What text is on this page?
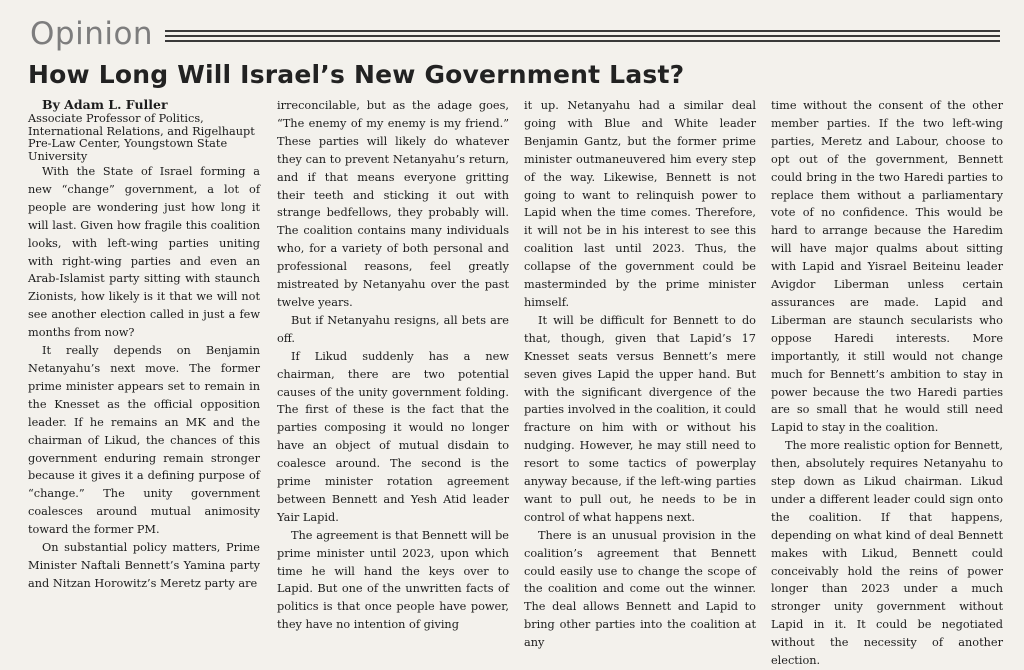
Opinion
How Long Will Israel’s New Government Last?

By Adam L. Fuller

Associate Professor of Politics, International Relations, and Rigelhaupt Pre-Law Center, Youngstown State University

With the State of Israel forming a new “change” government, a lot of people are wondering just how long it will last. Given how fragile this coalition looks, with left-wing parties uniting with right-wing parties and even an Arab-Islamist party sitting with staunch Zionists, how likely is it that we will not see another election called in just a few months from now?

It really depends on Benjamin Netanyahu’s next move. The former prime minister appears set to remain in the Knesset as the official opposition leader. If he remains an MK and the chairman of Likud, the chances of this government enduring remain stronger because it gives it a defining purpose of “change.” The unity government coalesces around mutual animosity toward the former PM.

On substantial policy matters, Prime Minister Naftali Bennett’s Yamina party and Nitzan Horowitz’s Meretz party are

irreconcilable, but as the adage goes, “The enemy of my enemy is my friend.” These parties will likely do whatever they can to prevent Netanyahu’s return, and if that means everyone gritting their teeth and sticking it out with strange bedfellows, they probably will. The coalition contains many individuals who, for a variety of both personal and professional reasons, feel greatly mistreated by Netanyahu over the past twelve years.

But if Netanyahu resigns, all bets are off.

If Likud suddenly has a new chairman, there are two potential causes of the unity government folding. The first of these is the fact that the parties composing it would no longer have an object of mutual disdain to coalesce around. The second is the prime minister rotation agreement between Bennett and Yesh Atid leader Yair Lapid.

The agreement is that Bennett will be prime minister until 2023, upon which time he will hand the keys over to Lapid. But one of the unwritten facts of politics is that once people have power, they have no intention of giving

it up. Netanyahu had a similar deal going with Blue and White leader Benjamin Gantz, but the former prime minister outmaneuvered him every step of the way. Likewise, Bennett is not going to want to relinquish power to Lapid when the time comes. Therefore, it will not be in his interest to see this coalition last until 2023. Thus, the collapse of the government could be masterminded by the prime minister himself.

It will be difficult for Bennett to do that, though, given that Lapid’s 17 Knesset seats versus Bennett’s mere seven gives Lapid the upper hand. But with the significant divergence of the parties involved in the coalition, it could fracture on him with or without his nudging. However, he may still need to resort to some tactics of powerplay anyway because, if the left-wing parties want to pull out, he needs to be in control of what happens next.

There is an unusual provision in the coalition’s agreement that Bennett could easily use to change the scope of the coalition and come out the winner. The deal allows Bennett and Lapid to bring other parties into the coalition at any

time without the consent of the other member parties. If the two left-wing parties, Meretz and Labour, choose to opt out of the government, Bennett could bring in the two Haredi parties to replace them without a parliamentary vote of no confidence. This would be hard to arrange because the Haredim will have major qualms about sitting with Lapid and Yisrael Beiteinu leader Avigdor Liberman unless certain assurances are made. Lapid and Liberman are staunch secularists who oppose Haredi interests. More importantly, it still would not change much for Bennett’s ambition to stay in power because the two Haredi parties are so small that he would still need Lapid to stay in the coalition.

The more realistic option for Bennett, then, absolutely requires Netanyahu to step down as Likud chairman. Likud under a different leader could sign onto the coalition. If that happens, depending on what kind of deal Bennett makes with Likud, Bennett could conceivably hold the reins of power longer than 2023 under a much stronger unity government without Lapid in it. It could be negotiated without the necessity of another election.
